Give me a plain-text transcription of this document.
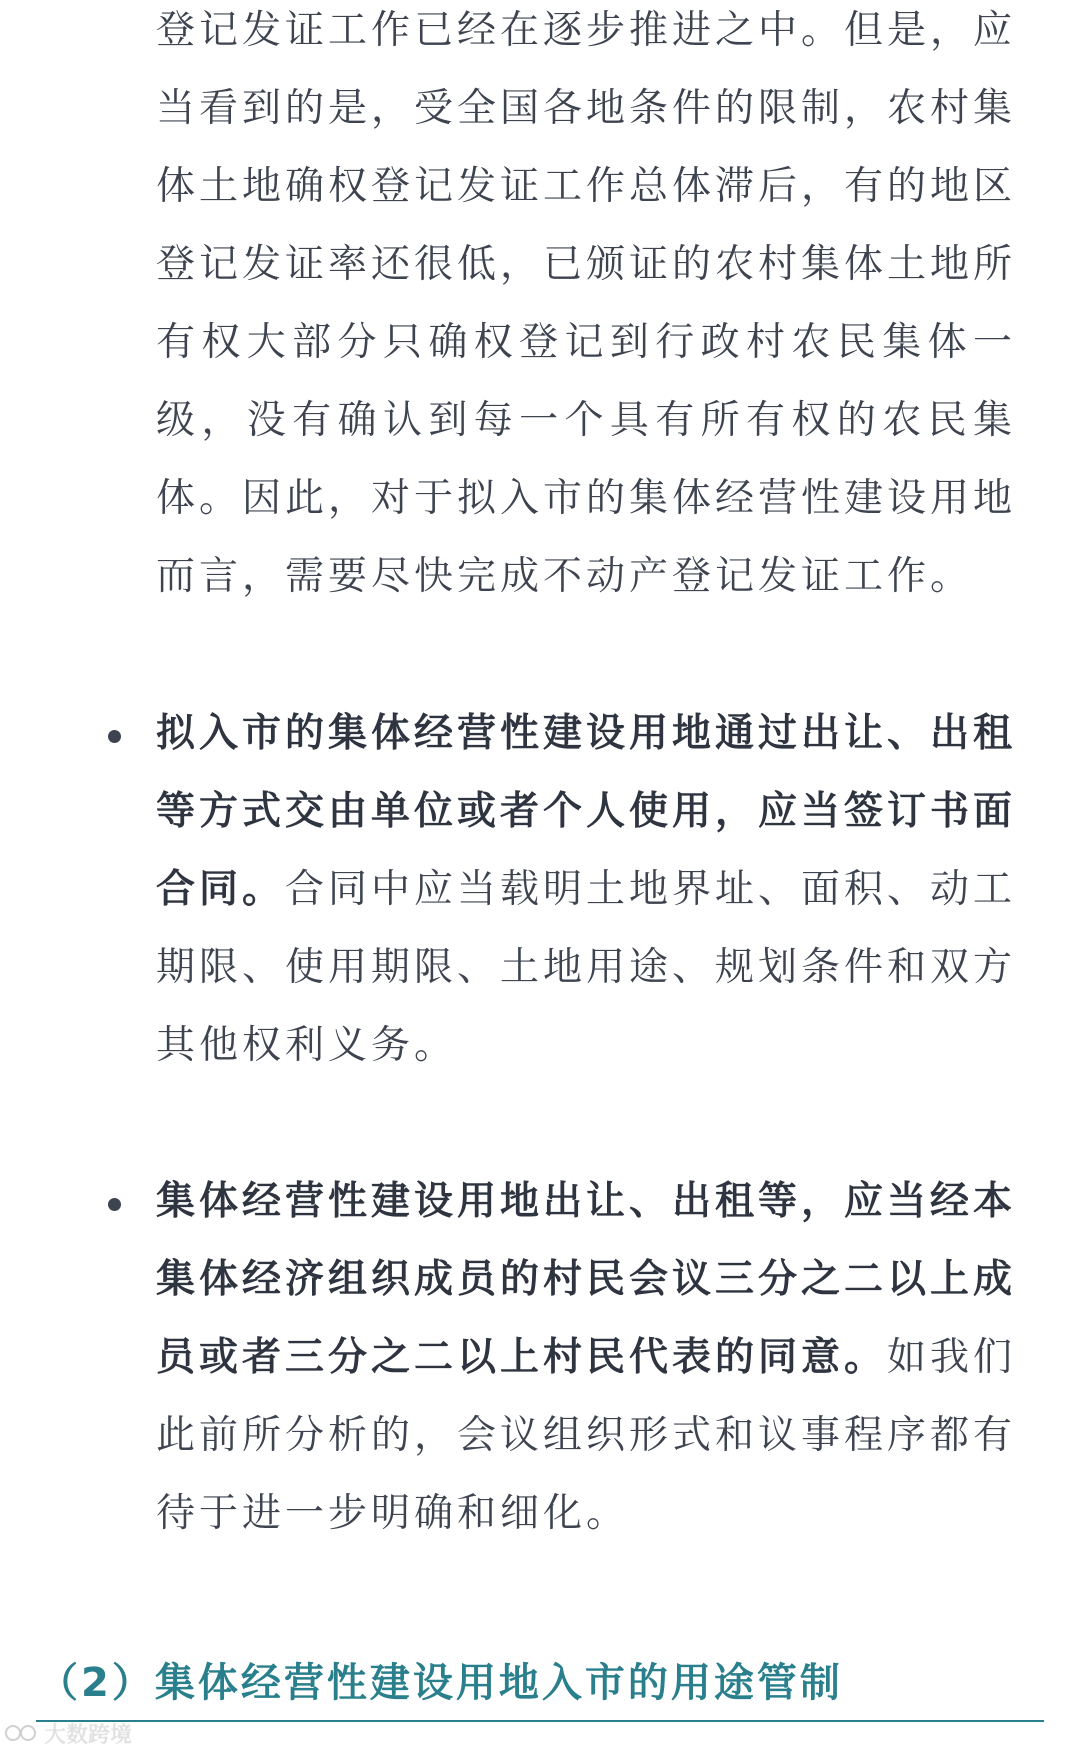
登记发证工作已经在逐步推进之中。但是，应
当看到的是，受全国各地条件的限制，农村集
体土地确权登记发证工作总体滞后，有的地区
登记发证率还很低，已颁证的农村集体土地所
有权大部分只确权登记到行政村农民集体一
级，没有确认到每一个具有所有权的农民集
体。因此，对于拟入市的集体经营性建设用地
而言，需要尽快完成不动产登记发证工作。
拟入市的集体经营性建设用地通过出让、出租
等方式交由单位或者个人使用，应当签订书面
合同。合同中应当载明土地界址、面积、动工
期限、使用期限、土地用途、规划条件和双方
其他权利义务。
集体经营性建设用地出让、出租等，应当经本
集体经济组织成员的村民会议三分之二以上成
员或者三分之二以上村民代表的同意。如我们
此前所分析的，会议组织形式和议事程序都有
待于进一步明确和细化。
（2）集体经营性建设用地入市的用途管制
大数跨境
